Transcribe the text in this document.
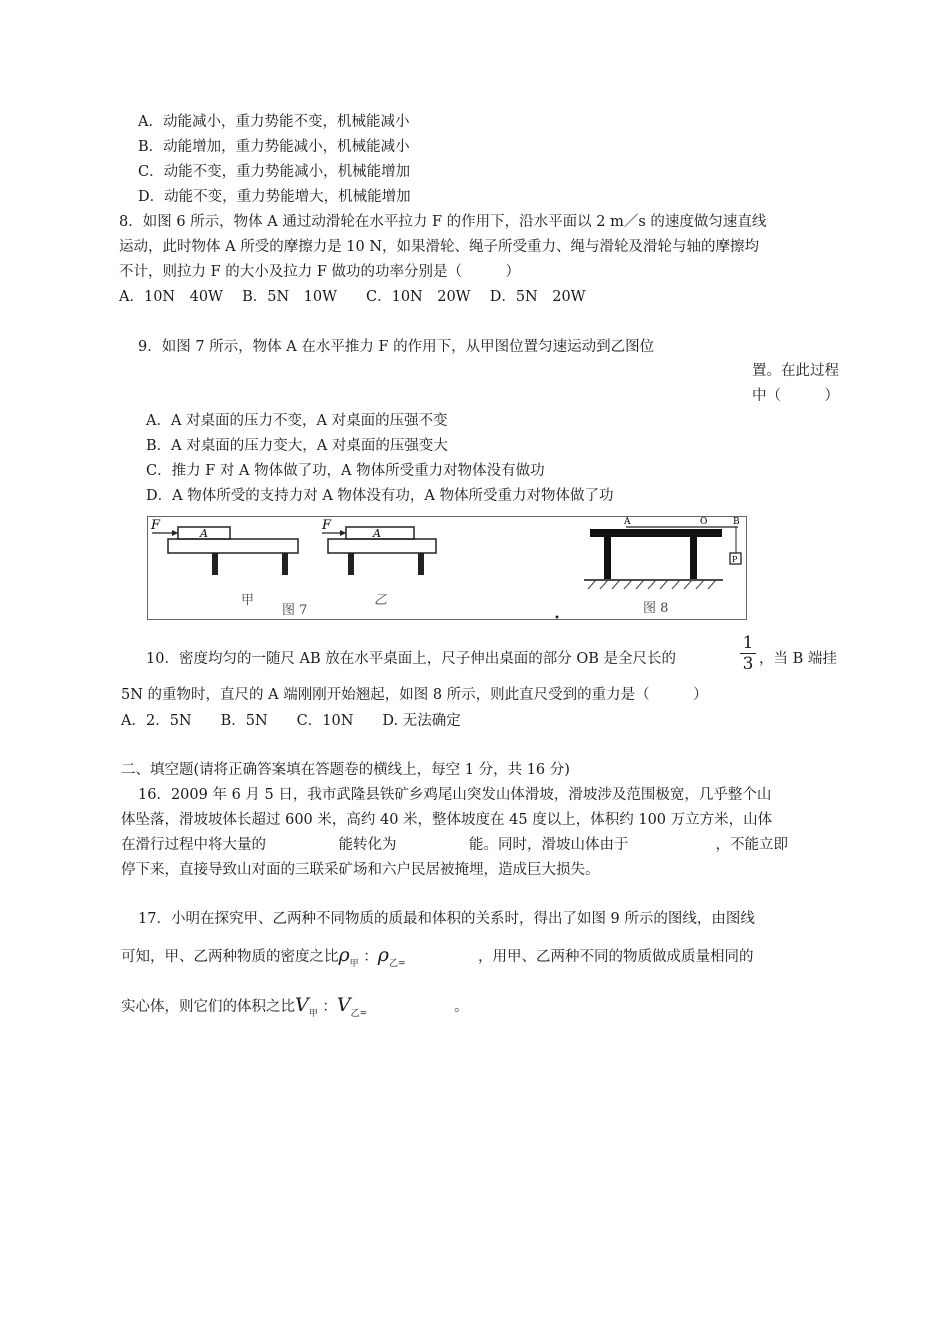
A．动能减小，重力势能不变，机械能减小
B．动能增加，重力势能减小，机械能减小
C．动能不变，重力势能减小，机械能增加
D．动能不变，重力势能增大，机械能增加
8．如图 6 所示，物体 A 通过动滑轮在水平拉力 F 的作用下，沿水平面以 2 m／s 的速度做匀速直线
运动，此时物体 A 所受的摩擦力是 10 N，如果滑轮、绳子所受重力、绳与滑轮及滑轮与轴的摩擦均
不计，则拉力 F 的大小及拉力 F 做功的功率分别是（　　　）
A．10N　40W　 B．5N　10W　　C．10N　20W　 D．5N　20W
9．如图 7 所示，物体 A 在水平推力 F 的作用下，从甲图位置匀速运动到乙图位
置。在此过程
中（　　　）
A．A 对桌面的压力不变，A 对桌面的压强不变
B．A 对桌面的压力变大，A 对桌面的压强变大
C．推力 F 对 A 物体做了功，A 物体所受重力对物体没有做功
D．A 物体所受的支持力对 A 物体没有功，A 物体所受重力对物体做了功
F
A
甲
F
A
乙
图 7
P
A	O	B
图 8
10．密度均匀的一随尺 AB 放在水平桌面上，尺子伸出桌面的部分 OB 是全尺长的
1
3 ，当 B 端挂
5N 的重物时，直尺的 A 端刚刚开始翘起，如图 8 所示，则此直尺受到的重力是（　　　）
A．2．5N　　B．5N　　C．10N　　D. 无法确定
二、填空题(请将正确答案填在答题卷的横线上，每空 1 分，共 16 分)
16．2009 年 6 月 5 日，我市武隆县铁矿乡鸡尾山突发山体滑坡，滑坡涉及范围极宽，几乎整个山
体坠落，滑坡坡体长超过 600 米，高约 40 米，整体坡度在 45 度以上，体积约 100 万立方米，山体
在滑行过程中将大量的　　　　　能转化为　　　　　能。同时，滑坡山体由于　　　　　　，不能立即
停下来，直接导致山对面的三联采矿场和六户民居被掩埋，造成巨大损失。
17．小明在探究甲、乙两种不同物质的质最和体积的关系时，得出了如图 9 所示的图线，由图线
可知，甲、乙两种物质的密度之比$\rho_甲$ ：$\rho_{乙=}$　　　　　，用甲、乙两种不同的物质做成质量相同的
实心体，则它们的体积之比$V_甲$ ：$V_{乙=}$　　　　　　。
